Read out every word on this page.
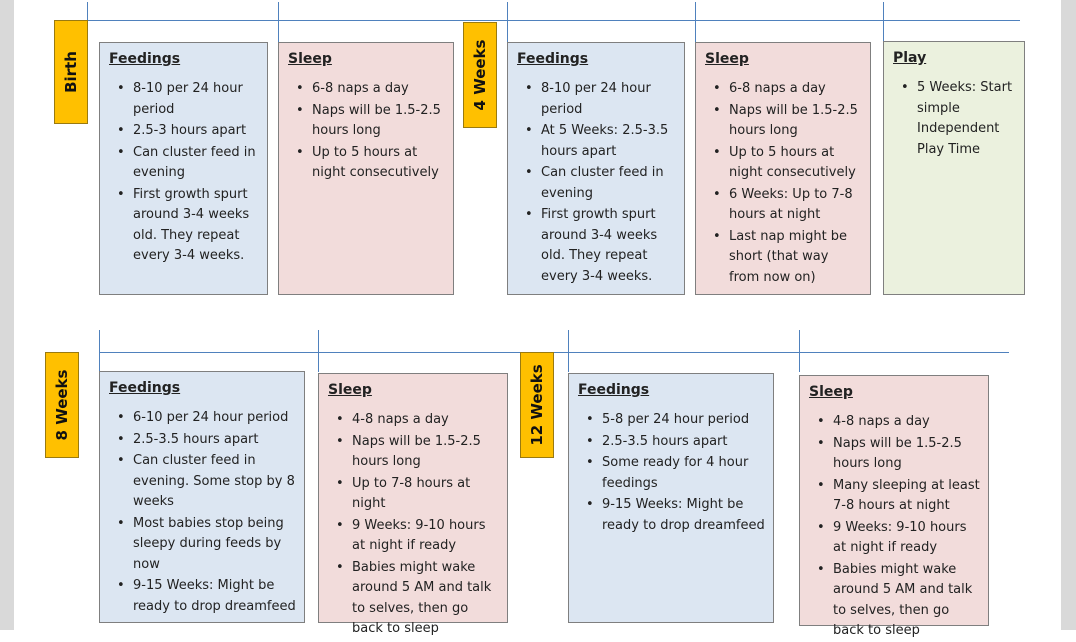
Birth	4 Weeks
8 Weeks	12 Weeks
Feedings
• 8-10 per 24 hour period
• 2.5-3 hours apart
• Can cluster feed in evening
• First growth spurt around 3-4 weeks old. They repeat every 3-4 weeks.
Sleep
• 6-8 naps a day
• Naps will be 1.5-2.5 hours long
• Up to 5 hours at night consecutively
Feedings
• 8-10 per 24 hour period
• At 5 Weeks: 2.5-3.5 hours apart
• Can cluster feed in evening
• First growth spurt around 3-4 weeks old. They repeat every 3-4 weeks.
Sleep
• 6-8 naps a day
• Naps will be 1.5-2.5 hours long
• Up to 5 hours at night consecutively
• 6 Weeks: Up to 7-8 hours at night
• Last nap might be short (that way from now on)
Play
• 5 Weeks: Start simple Independent Play Time
Feedings
• 6-10 per 24 hour period
• 2.5-3.5 hours apart
• Can cluster feed in evening. Some stop by 8 weeks
• Most babies stop being sleepy during feeds by now
• 9-15 Weeks: Might be ready to drop dreamfeed
Sleep
• 4-8 naps a day
• Naps will be 1.5-2.5 hours long
• Up to 7-8 hours at night
• 9 Weeks: 9-10 hours at night if ready
• Babies might wake around 5 AM and talk to selves, then go back to sleep
Feedings
• 5-8 per 24 hour period
• 2.5-3.5 hours apart
• Some ready for 4 hour feedings
• 9-15 Weeks: Might be ready to drop dreamfeed
Sleep
• 4-8 naps a day
• Naps will be 1.5-2.5 hours long
• Many sleeping at least 7-8 hours at night
• 9 Weeks: 9-10 hours at night if ready
• Babies might wake around 5 AM and talk to selves, then go back to sleep
